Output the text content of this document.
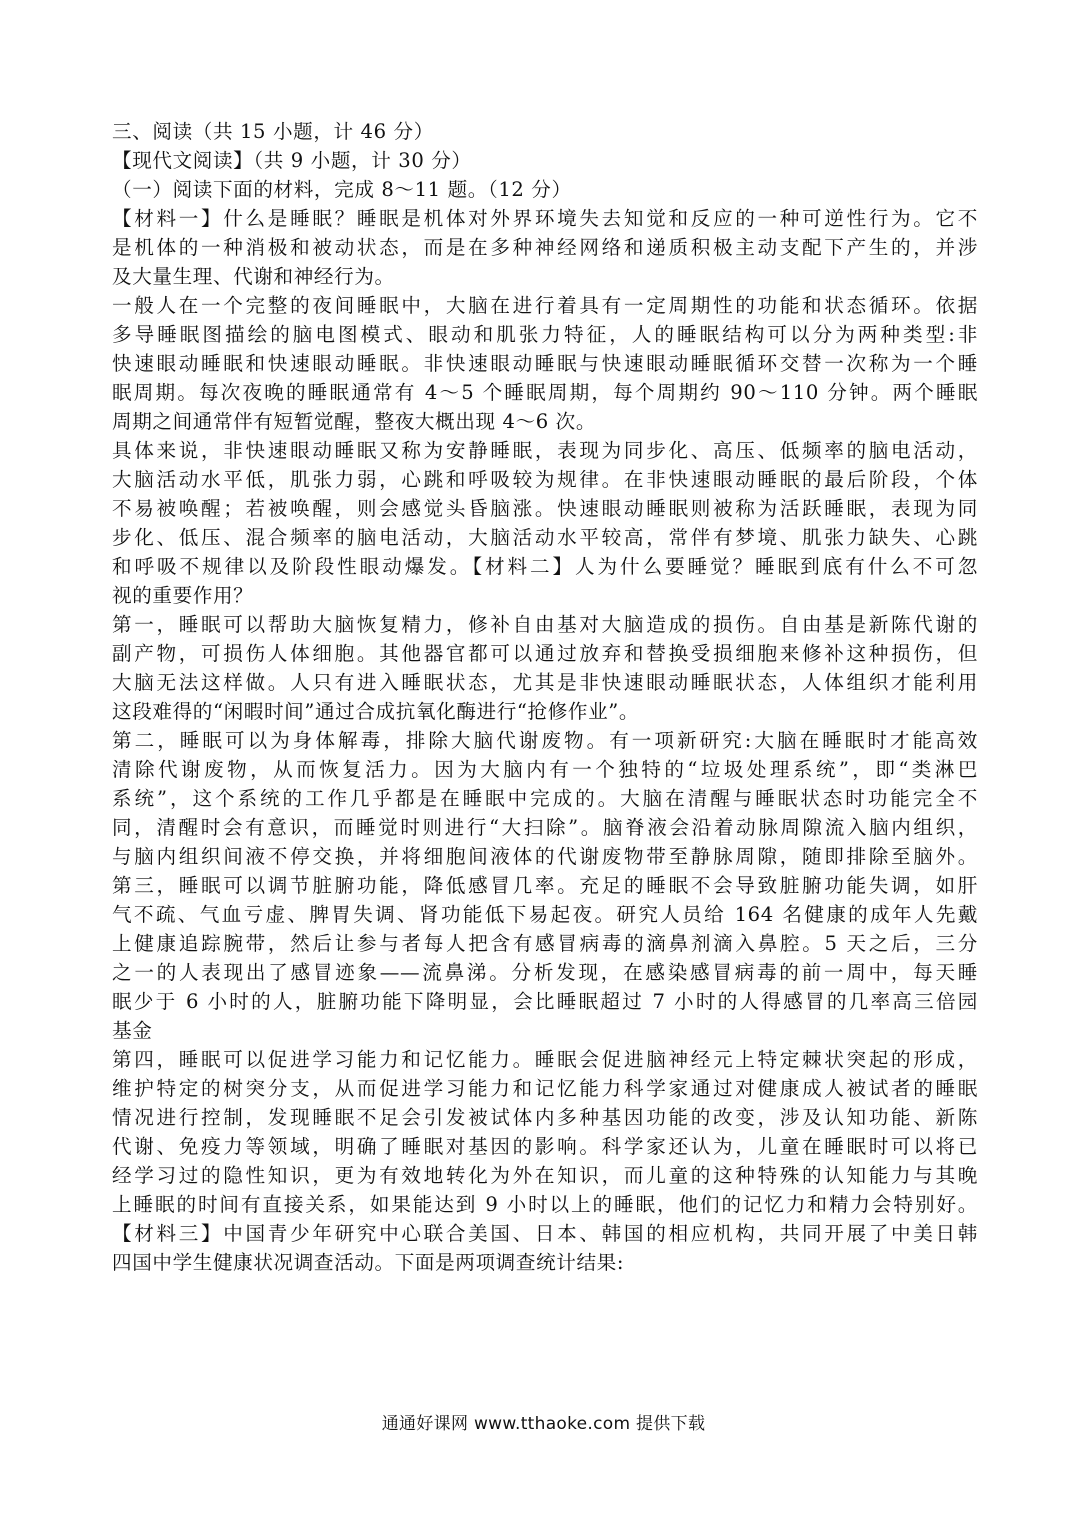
三、阅读（共 15 小题，计 46 分）
【现代文阅读】（共 9 小题，计 30 分）
（一）阅读下面的材料，完成 8～11 题。（12 分）
【材料一】什么是睡眠？睡眠是机体对外界环境失去知觉和反应的一种可逆性行为。它不
是机体的一种消极和被动状态，而是在多种神经网络和递质积极主动支配下产生的，并涉
及大量生理、代谢和神经行为。
一般人在一个完整的夜间睡眠中，大脑在进行着具有一定周期性的功能和状态循环。依据
多导睡眠图描绘的脑电图模式、眼动和肌张力特征，人的睡眠结构可以分为两种类型:非
快速眼动睡眠和快速眼动睡眠。非快速眼动睡眠与快速眼动睡眠循环交替一次称为一个睡
眠周期。每次夜晚的睡眠通常有 4～5 个睡眠周期，每个周期约 90～110 分钟。两个睡眠
周期之间通常伴有短暂觉醒，整夜大概出现 4～6 次。
具体来说，非快速眼动睡眠又称为安静睡眠，表现为同步化、高压、低频率的脑电活动，
大脑活动水平低，肌张力弱，心跳和呼吸较为规律。在非快速眼动睡眠的最后阶段，个体
不易被唤醒；若被唤醒，则会感觉头昏脑涨。快速眼动睡眠则被称为活跃睡眠，表现为同
步化、低压、混合频率的脑电活动，大脑活动水平较高，常伴有梦境、肌张力缺失、心跳
和呼吸不规律以及阶段性眼动爆发。【材料二】人为什么要睡觉？睡眠到底有什么不可忽
视的重要作用？
第一，睡眠可以帮助大脑恢复精力，修补自由基对大脑造成的损伤。自由基是新陈代谢的
副产物，可损伤人体细胞。其他器官都可以通过放弃和替换受损细胞来修补这种损伤，但
大脑无法这样做。人只有进入睡眠状态，尤其是非快速眼动睡眠状态，人体组织才能利用
这段难得的“闲暇时间”通过合成抗氧化酶进行“抢修作业”。
第二，睡眠可以为身体解毒，排除大脑代谢废物。有一项新研究:大脑在睡眠时才能高效
清除代谢废物，从而恢复活力。因为大脑内有一个独特的“垃圾处理系统”，即“类淋巴
系统”，这个系统的工作几乎都是在睡眠中完成的。大脑在清醒与睡眠状态时功能完全不
同，清醒时会有意识，而睡觉时则进行“大扫除”。脑脊液会沿着动脉周隙流入脑内组织，
与脑内组织间液不停交换，并将细胞间液体的代谢废物带至静脉周隙，随即排除至脑外。
第三，睡眠可以调节脏腑功能，降低感冒几率。充足的睡眠不会导致脏腑功能失调，如肝
气不疏、气血亏虚、脾胃失调、肾功能低下易起夜。研究人员给 164 名健康的成年人先戴
上健康追踪腕带，然后让参与者每人把含有感冒病毒的滴鼻剂滴入鼻腔。5 天之后，三分
之一的人表现出了感冒迹象——流鼻涕。分析发现，在感染感冒病毒的前一周中，每天睡
眠少于 6 小时的人，脏腑功能下降明显，会比睡眠超过 7 小时的人得感冒的几率高三倍园
基金
第四，睡眠可以促进学习能力和记忆能力。睡眠会促进脑神经元上特定棘状突起的形成，
维护特定的树突分支，从而促进学习能力和记忆能力科学家通过对健康成人被试者的睡眠
情况进行控制，发现睡眠不足会引发被试体内多种基因功能的改变，涉及认知功能、新陈
代谢、免疫力等领域，明确了睡眠对基因的影响。科学家还认为，儿童在睡眠时可以将已
经学习过的隐性知识，更为有效地转化为外在知识，而儿童的这种特殊的认知能力与其晚
上睡眠的时间有直接关系，如果能达到 9 小时以上的睡眠，他们的记忆力和精力会特别好。
【材料三】中国青少年研究中心联合美国、日本、韩国的相应机构，共同开展了中美日韩
四国中学生健康状况调查活动。下面是两项调查统计结果:
通通好课网 www.tthaoke.com 提供下载
